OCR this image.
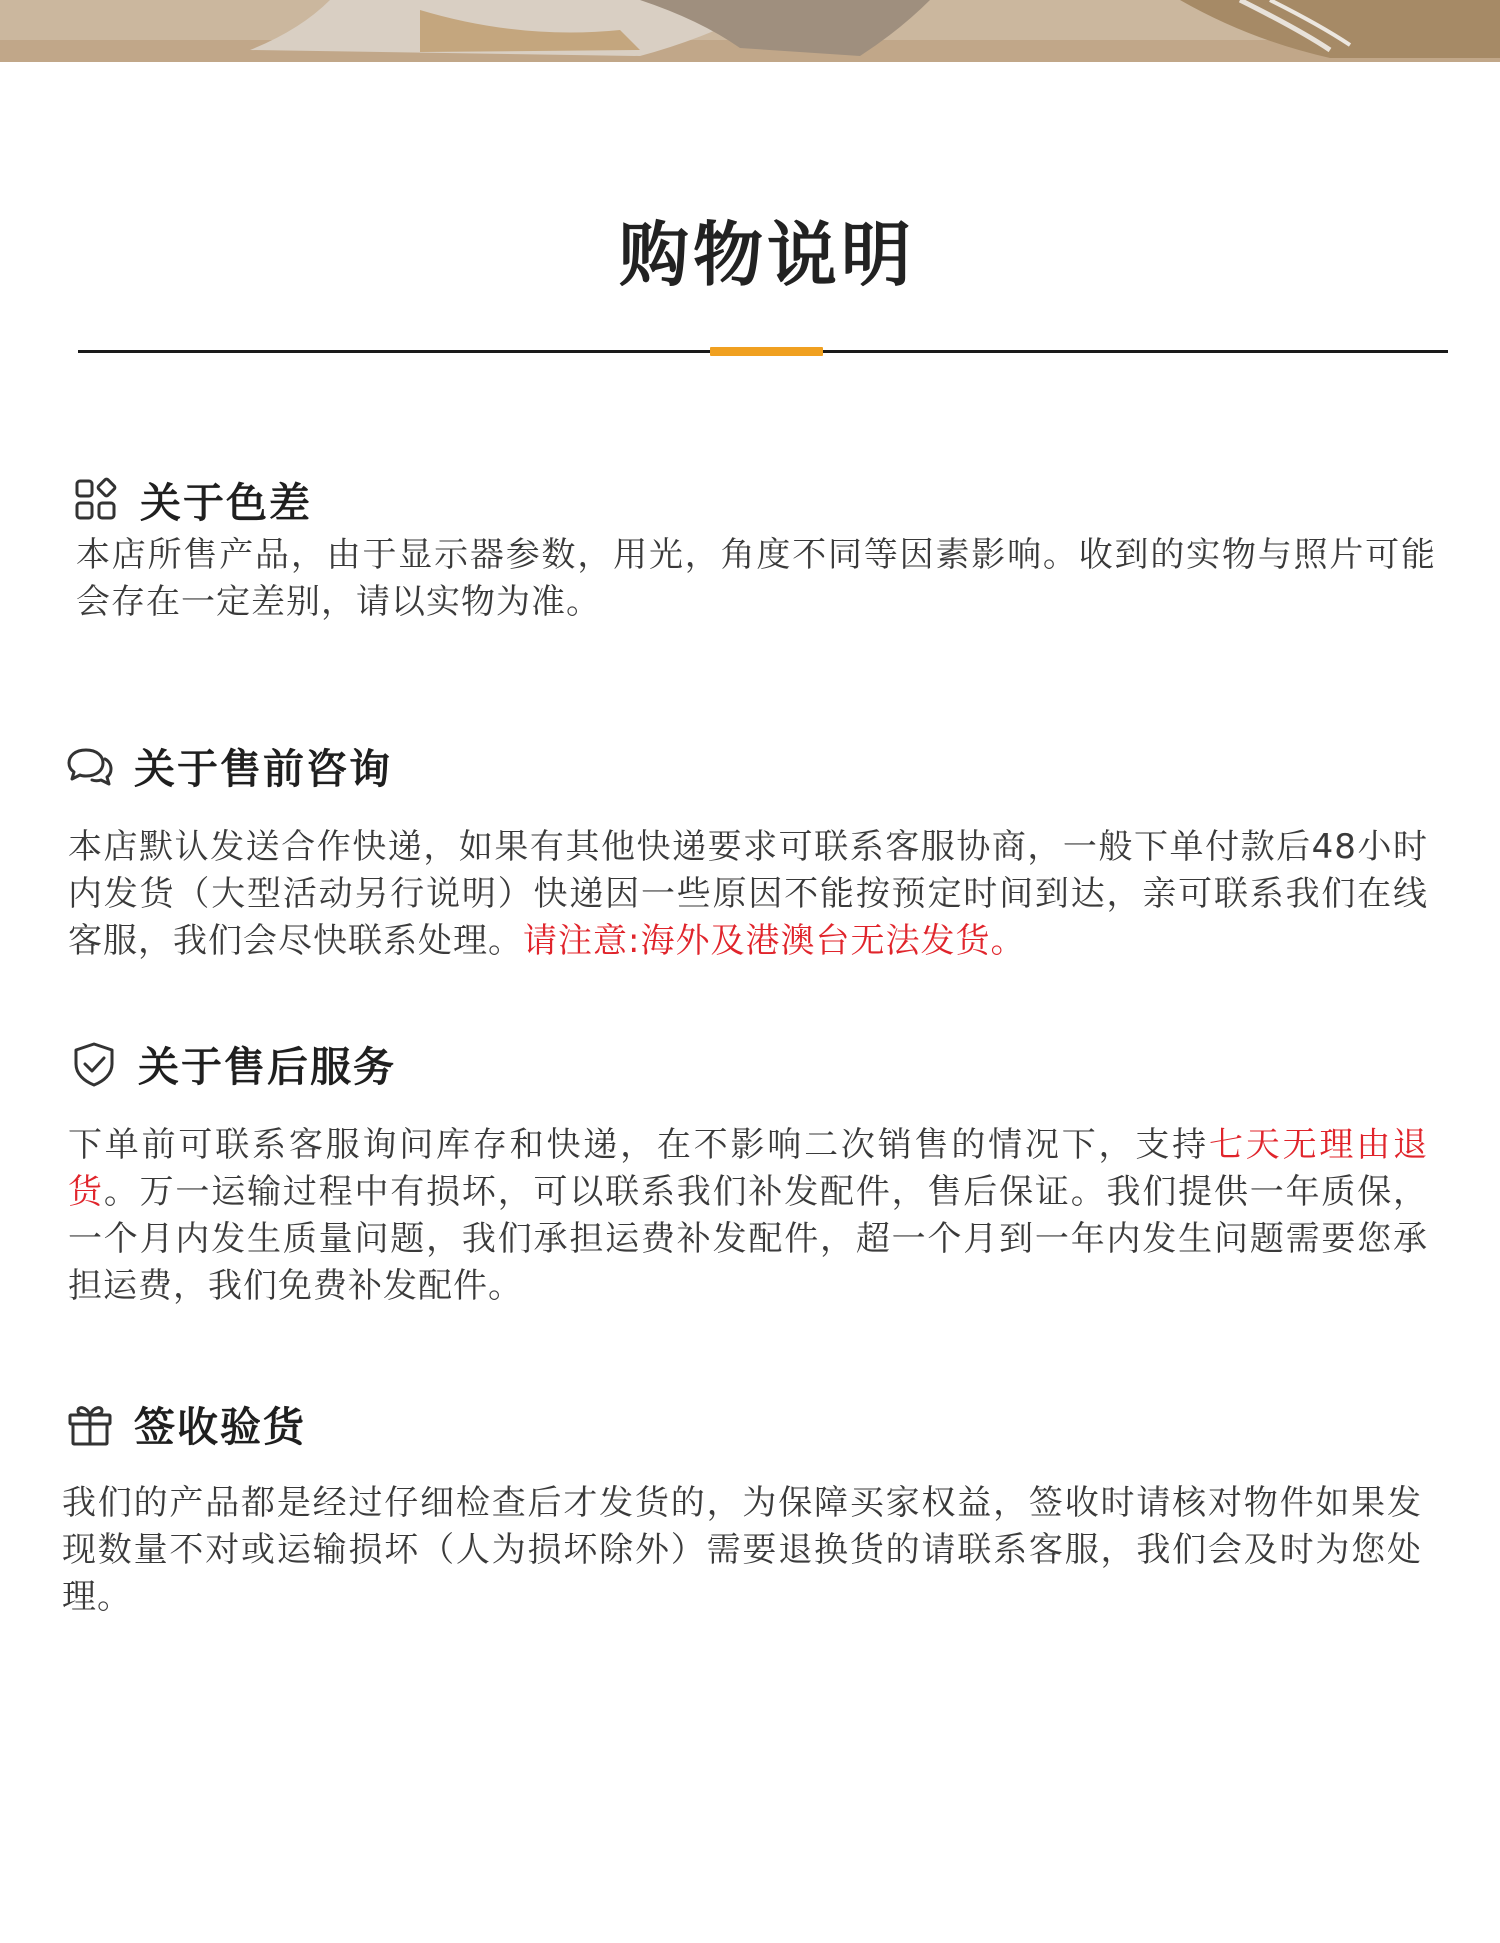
购物说明
关于色差
本店所售产品，由于显示器参数，用光，角度不同等因素影响。收到的实物与照片可能会存在一定差别，请以实物为准。
关于售前咨询
本店默认发送合作快递，如果有其他快递要求可联系客服协商，一般下单付款后48小时内发货（大型活动另行说明）快递因一些原因不能按预定时间到达，亲可联系我们在线客服，我们会尽快联系处理。请注意:海外及港澳台无法发货。
关于售后服务
下单前可联系客服询问库存和快递，在不影响二次销售的情况下，支持七天无理由退货。万一运输过程中有损坏，可以联系我们补发配件，售后保证。我们提供一年质保，一个月内发生质量问题，我们承担运费补发配件，超一个月到一年内发生问题需要您承担运费，我们免费补发配件。
签收验货
我们的产品都是经过仔细检查后才发货的，为保障买家权益，签收时请核对物件如果发现数量不对或运输损坏（人为损坏除外）需要退换货的请联系客服，我们会及时为您处理。
